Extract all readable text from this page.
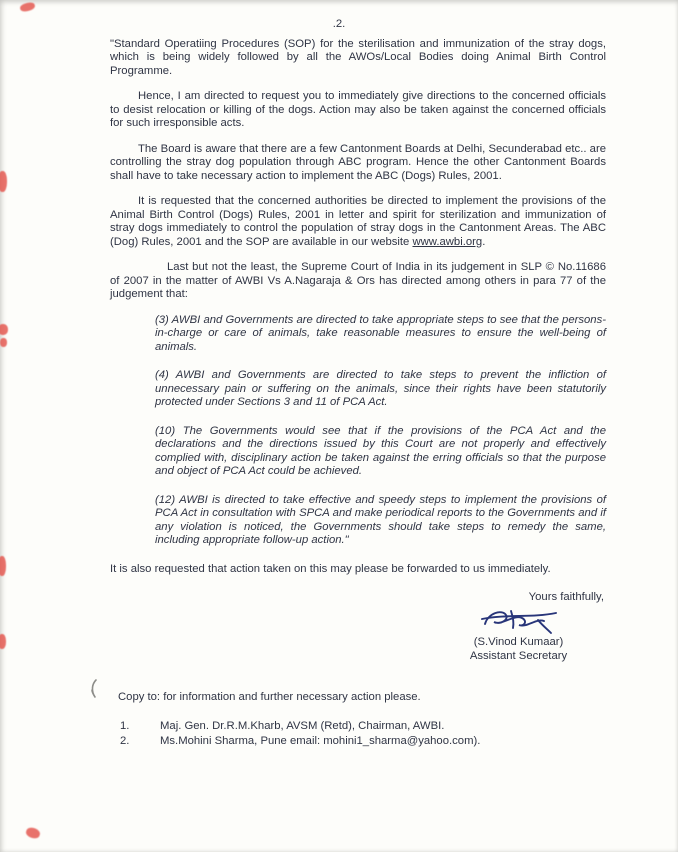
.2.

"Standard Operatiing Procedures (SOP) for the sterilisation and immunization of the stray dogs, which is being widely followed by all the AWOs/Local Bodies doing Animal Birth Control Programme.

Hence, I am directed to request you to immediately give directions to the concerned officials to desist relocation or killing of the dogs. Action may also be taken against the concerned officials for such irresponsible acts.

The Board is aware that there are a few Cantonment Boards at Delhi, Secunderabad etc.. are controlling the stray dog population through ABC program. Hence the other Cantonment Boards shall have to take necessary action to implement the ABC (Dogs) Rules, 2001.

It is requested that the concerned authorities be directed to implement the provisions of the Animal Birth Control (Dogs) Rules, 2001 in letter and spirit for sterilization and immunization of stray dogs immediately to control the population of stray dogs in the Cantonment Areas. The ABC (Dog) Rules, 2001 and the SOP are available in our website www.awbi.org.

Last but not the least, the Supreme Court of India in its judgement in SLP © No.11686 of 2007 in the matter of AWBI Vs A.Nagaraja & Ors has directed among others in para 77 of the judgement that:

(3) AWBI and Governments are directed to take appropriate steps to see that the persons-in-charge or care of animals, take reasonable measures to ensure the well-being of animals.

(4) AWBI and Governments are directed to take steps to prevent the infliction of unnecessary pain or suffering on the animals, since their rights have been statutorily protected under Sections 3 and 11 of PCA Act.

(10) The Governments would see that if the provisions of the PCA Act and the declarations and the directions issued by this Court are not properly and effectively complied with, disciplinary action be taken against the erring officials so that the purpose and object of PCA Act could be achieved.

(12) AWBI is directed to take effective and speedy steps to implement the provisions of PCA Act in consultation with SPCA and make periodical reports to the Governments and if any violation is noticed, the Governments should take steps to remedy the same, including appropriate follow-up action."

It is also requested that action taken on this may please be forwarded to us immediately.

Yours faithfully,
(S.Vinod Kumaar)
Assistant Secretary
Copy to: for information and further necessary action please.
1.	Maj. Gen. Dr.R.M.Kharb, AVSM (Retd), Chairman, AWBI.
2.	Ms.Mohini Sharma, Pune email: mohini1_sharma@yahoo.com).
